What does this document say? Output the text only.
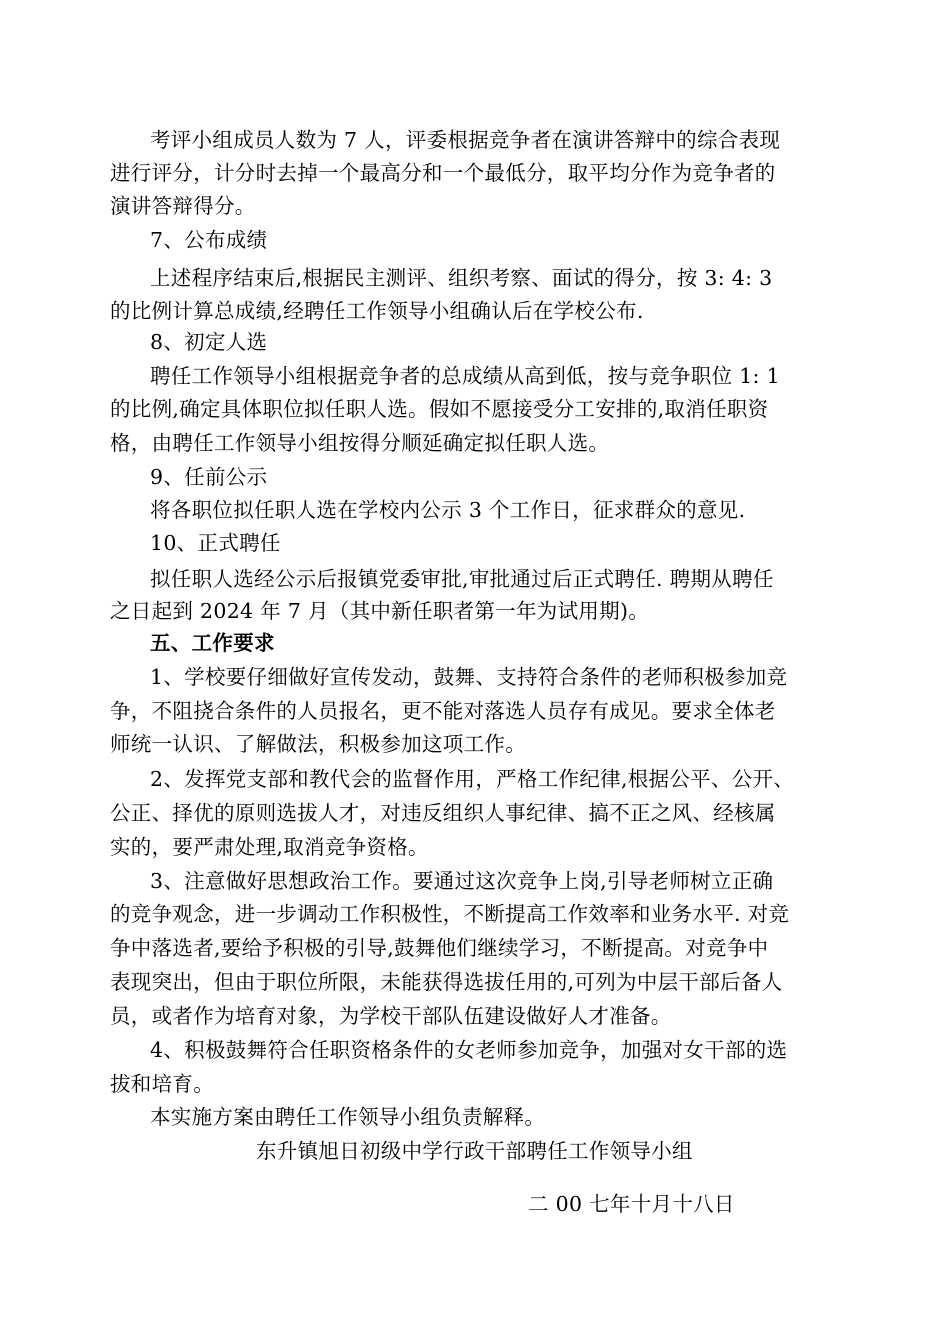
考评小组成员人数为 7 人，评委根据竞争者在演讲答辩中的综合表现
进行评分，计分时去掉一个最高分和一个最低分，取平均分作为竞争者的
演讲答辩得分。
7、公布成绩
上述程序结束后,根据民主测评、组织考察、面试的得分，按 3: 4: 3
的比例计算总成绩,经聘任工作领导小组确认后在学校公布.
8、初定人选
聘任工作领导小组根据竞争者的总成绩从高到低，按与竞争职位 1: 1
的比例,确定具体职位拟任职人选。假如不愿接受分工安排的,取消任职资
格，由聘任工作领导小组按得分顺延确定拟任职人选。
9、任前公示
将各职位拟任职人选在学校内公示 3 个工作日，征求群众的意见.
10、正式聘任
拟任职人选经公示后报镇党委审批,审批通过后正式聘任. 聘期从聘任
之日起到 2024 年 7 月（其中新任职者第一年为试用期)。
五、工作要求
1、学校要仔细做好宣传发动，鼓舞、支持符合条件的老师积极参加竞
争，不阻挠合条件的人员报名，更不能对落选人员存有成见。要求全体老
师统一认识、了解做法，积极参加这项工作。
2、发挥党支部和教代会的监督作用，严格工作纪律,根据公平、公开、
公正、择优的原则选拔人才，对违反组织人事纪律、搞不正之风、经核属
实的，要严肃处理,取消竞争资格。
3、注意做好思想政治工作。要通过这次竞争上岗,引导老师树立正确
的竞争观念，进一步调动工作积极性，不断提高工作效率和业务水平. 对竞
争中落选者,要给予积极的引导,鼓舞他们继续学习，不断提高。对竞争中
表现突出，但由于职位所限，未能获得选拔任用的,可列为中层干部后备人
员，或者作为培育对象，为学校干部队伍建设做好人才准备。
4、积极鼓舞符合任职资格条件的女老师参加竞争，加强对女干部的选
拔和培育。
本实施方案由聘任工作领导小组负责解释。
东升镇旭日初级中学行政干部聘任工作领导小组
二 00 七年十月十八日
